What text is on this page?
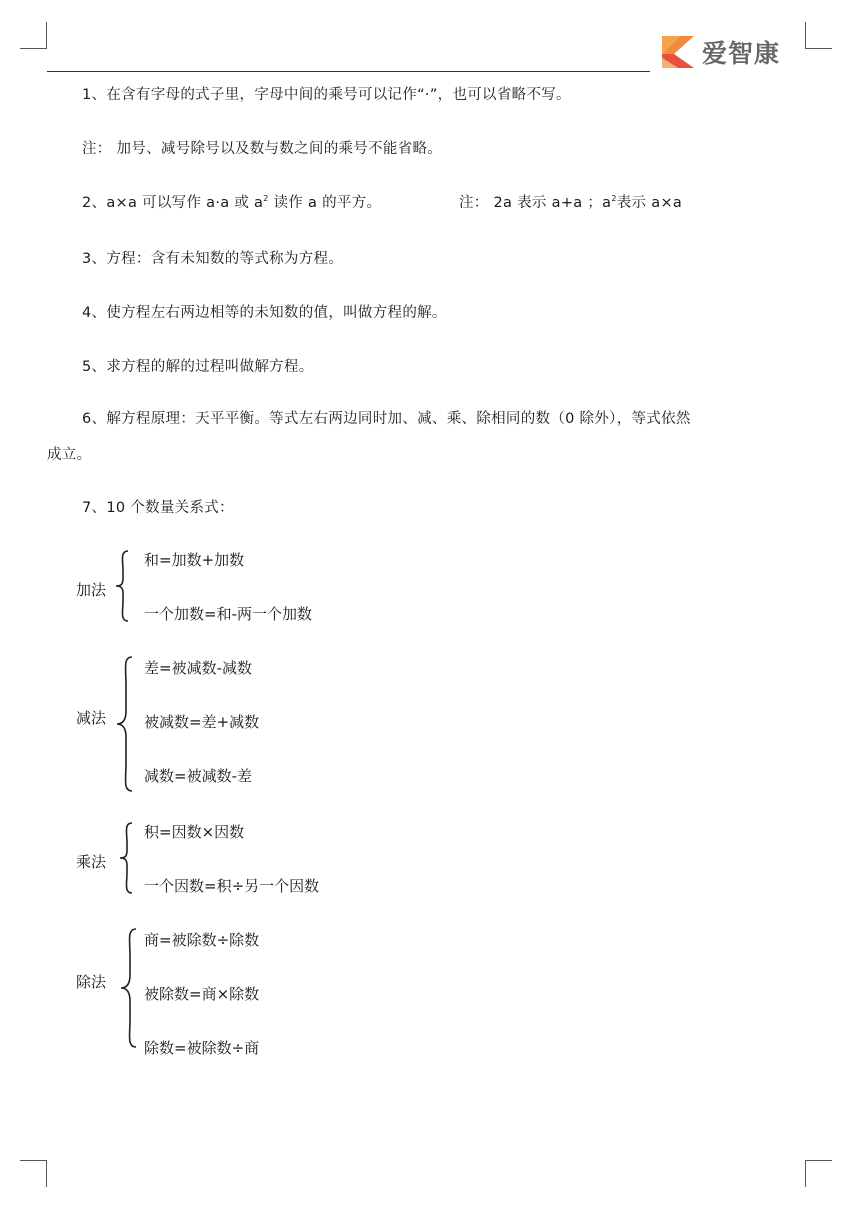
爱智康
1、在含有字母的式子里，字母中间的乘号可以记作“·”，也可以省略不写。
注： 加号、减号除号以及数与数之间的乘号不能省略。
2、a×a 可以写作 a·a 或 $a^2$ 读作 a 的平方。	注： 2a 表示 a+a ；$a^2$表示 a×a
3、方程：含有未知数的等式称为方程。
4、使方程左右两边相等的未知数的值，叫做方程的解。
5、求方程的解的过程叫做解方程。
6、解方程原理：天平平衡。等式左右两边同时加、减、乘、除相同的数（0 除外），等式依然
成立。
7、10 个数量关系式：
加法
和=加数+加数
一个加数=和-两一个加数
减法
差=被减数-减数
被减数=差+减数
减数=被减数-差
乘法
积=因数×因数
一个因数=积÷另一个因数
除法
商=被除数÷除数
被除数=商×除数
除数=被除数÷商
